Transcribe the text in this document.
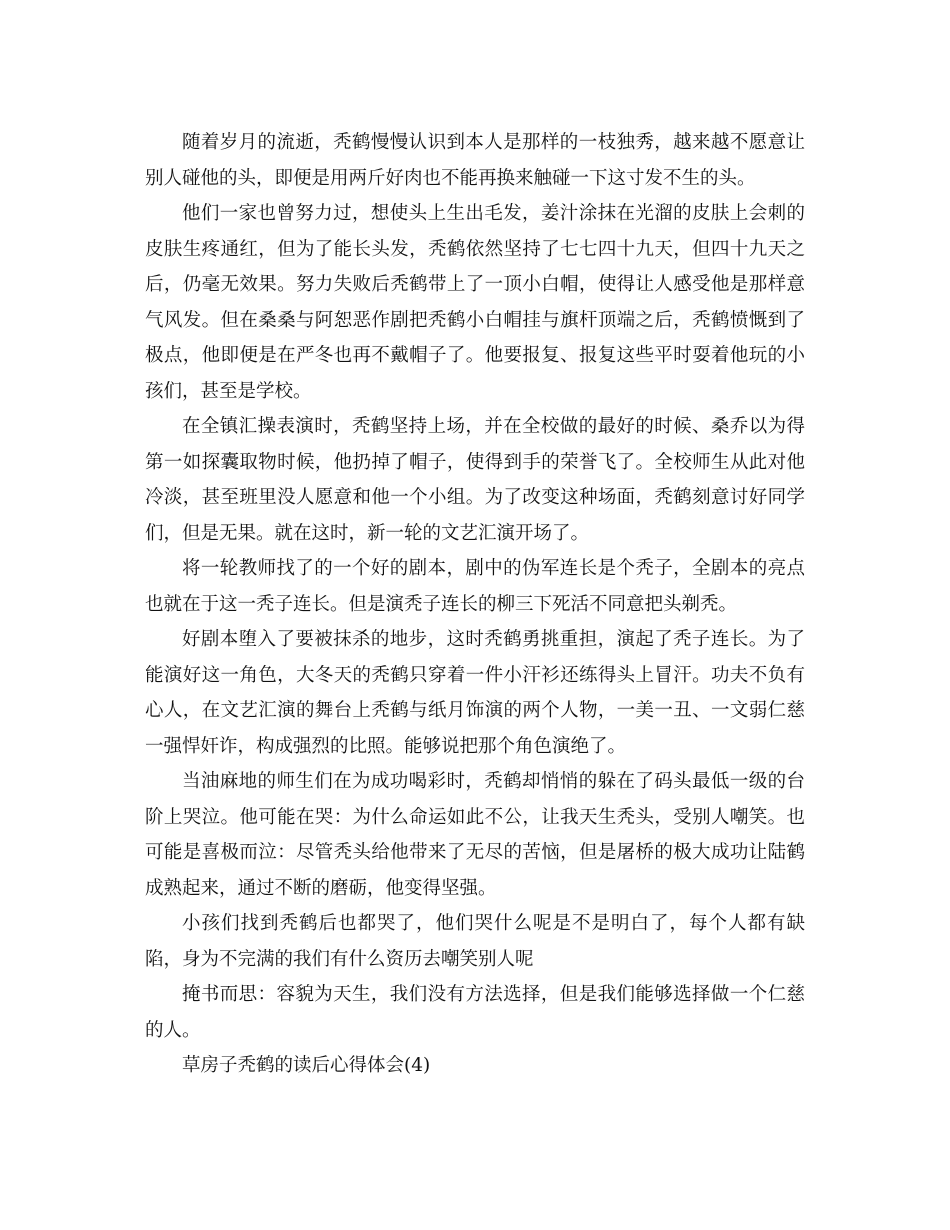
随着岁月的流逝，秃鹤慢慢认识到本人是那样的一枝独秀，越来越不愿意让别人碰他的头，即便是用两斤好肉也不能再换来触碰一下这寸发不生的头。

他们一家也曾努力过，想使头上生出毛发，姜汁涂抹在光溜的皮肤上会刺的皮肤生疼通红，但为了能长头发，秃鹤依然坚持了七七四十九天，但四十九天之后，仍毫无效果。努力失败后秃鹤带上了一顶小白帽，使得让人感受他是那样意气风发。但在桑桑与阿恕恶作剧把秃鹤小白帽挂与旗杆顶端之后，秃鹤愤慨到了极点，他即便是在严冬也再不戴帽子了。他要报复、报复这些平时耍着他玩的小孩们，甚至是学校。

在全镇汇操表演时，秃鹤坚持上场，并在全校做的最好的时候、桑乔以为得第一如探囊取物时候，他扔掉了帽子，使得到手的荣誉飞了。全校师生从此对他冷淡，甚至班里没人愿意和他一个小组。为了改变这种场面，秃鹤刻意讨好同学们，但是无果。就在这时，新一轮的文艺汇演开场了。

将一轮教师找了的一个好的剧本，剧中的伪军连长是个秃子，全剧本的亮点也就在于这一秃子连长。但是演秃子连长的柳三下死活不同意把头剃秃。

好剧本堕入了要被抹杀的地步，这时秃鹤勇挑重担，演起了秃子连长。为了能演好这一角色，大冬天的秃鹤只穿着一件小汗衫还练得头上冒汗。功夫不负有心人，在文艺汇演的舞台上秃鹤与纸月饰演的两个人物，一美一丑、一文弱仁慈一强悍奸诈，构成强烈的比照。能够说把那个角色演绝了。

当油麻地的师生们在为成功喝彩时，秃鹤却悄悄的躲在了码头最低一级的台阶上哭泣。他可能在哭：为什么命运如此不公，让我天生秃头，受别人嘲笑。也可能是喜极而泣：尽管秃头给他带来了无尽的苦恼，但是屠桥的极大成功让陆鹤成熟起来，通过不断的磨砺，他变得坚强。

小孩们找到秃鹤后也都哭了，他们哭什么呢是不是明白了，每个人都有缺陷，身为不完满的我们有什么资历去嘲笑别人呢

掩书而思：容貌为天生，我们没有方法选择，但是我们能够选择做一个仁慈的人。

草房子秃鹤的读后心得体会(4)
